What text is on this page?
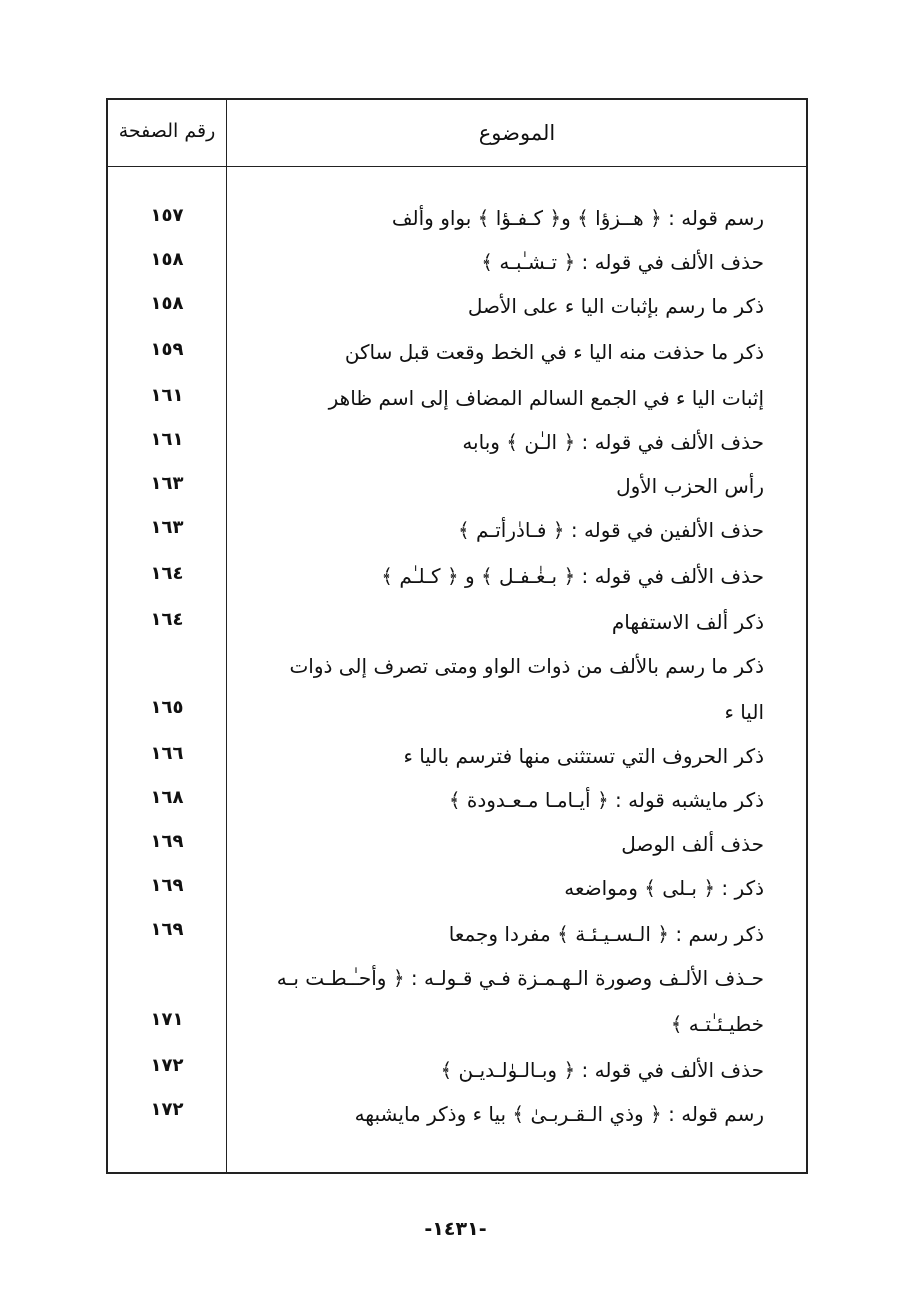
الموضوع
رقم الصفحة
رسم قوله : ﴿ هــزؤا ﴾ و﴿ كـفـؤا ﴾ بواو وألف
١٥٧
حذف الألف في قوله : ﴿ تـشـٰبـه ﴾
١٥٨
ذكر ما رسم بإثبات اليا ء على الأصل
١٥٨
ذكر ما حذفت منه اليا ء في الخط وقعت قبل ساكن
١٥٩
إثبات اليا ء في الجمع السالم المضاف إلى اسم ظاهر
١٦١
حذف الألف في قوله : ﴿ الـٰن ﴾ وبابه
١٦١
رأس الحزب الأول
١٦٣
حذف الألفين في قوله : ﴿ فـادٰرأتـم ﴾
١٦٣
حذف الألف في قوله : ﴿ بـغٰـفـل ﴾ و ﴿ كـلـٰم ﴾
١٦٤
ذكر ألف الاستفهام
١٦٤
ذكر ما رسم بالألف من ذوات الواو ومتى تصرف إلى ذوات
اليا ء
١٦٥
ذكر الحروف التي تستثنى منها فترسم باليا ء
١٦٦
ذكر مايشبه قوله : ﴿ أيـامـا مـعـدودة ﴾
١٦٨
حذف ألف الوصل
١٦٩
ذكر : ﴿ بـلى ﴾ ومواضعه
١٦٩
ذكر رسم : ﴿ الـسـيـئـة ﴾ مفردا وجمعا
١٦٩
حـذف الألـف وصورة الـهـمـزة فـي قـولـه : ﴿ وأحـٰـطـت بـه
خطيـئـٰتـه ﴾
١٧١
حذف الألف في قوله : ﴿ وبـالـوٰلـديـن ﴾
١٧٢
رسم قوله : ﴿ وذي الـقـربـىٰ ﴾ بيا ء وذكر مايشبهه
١٧٢
-١٤٣١-
